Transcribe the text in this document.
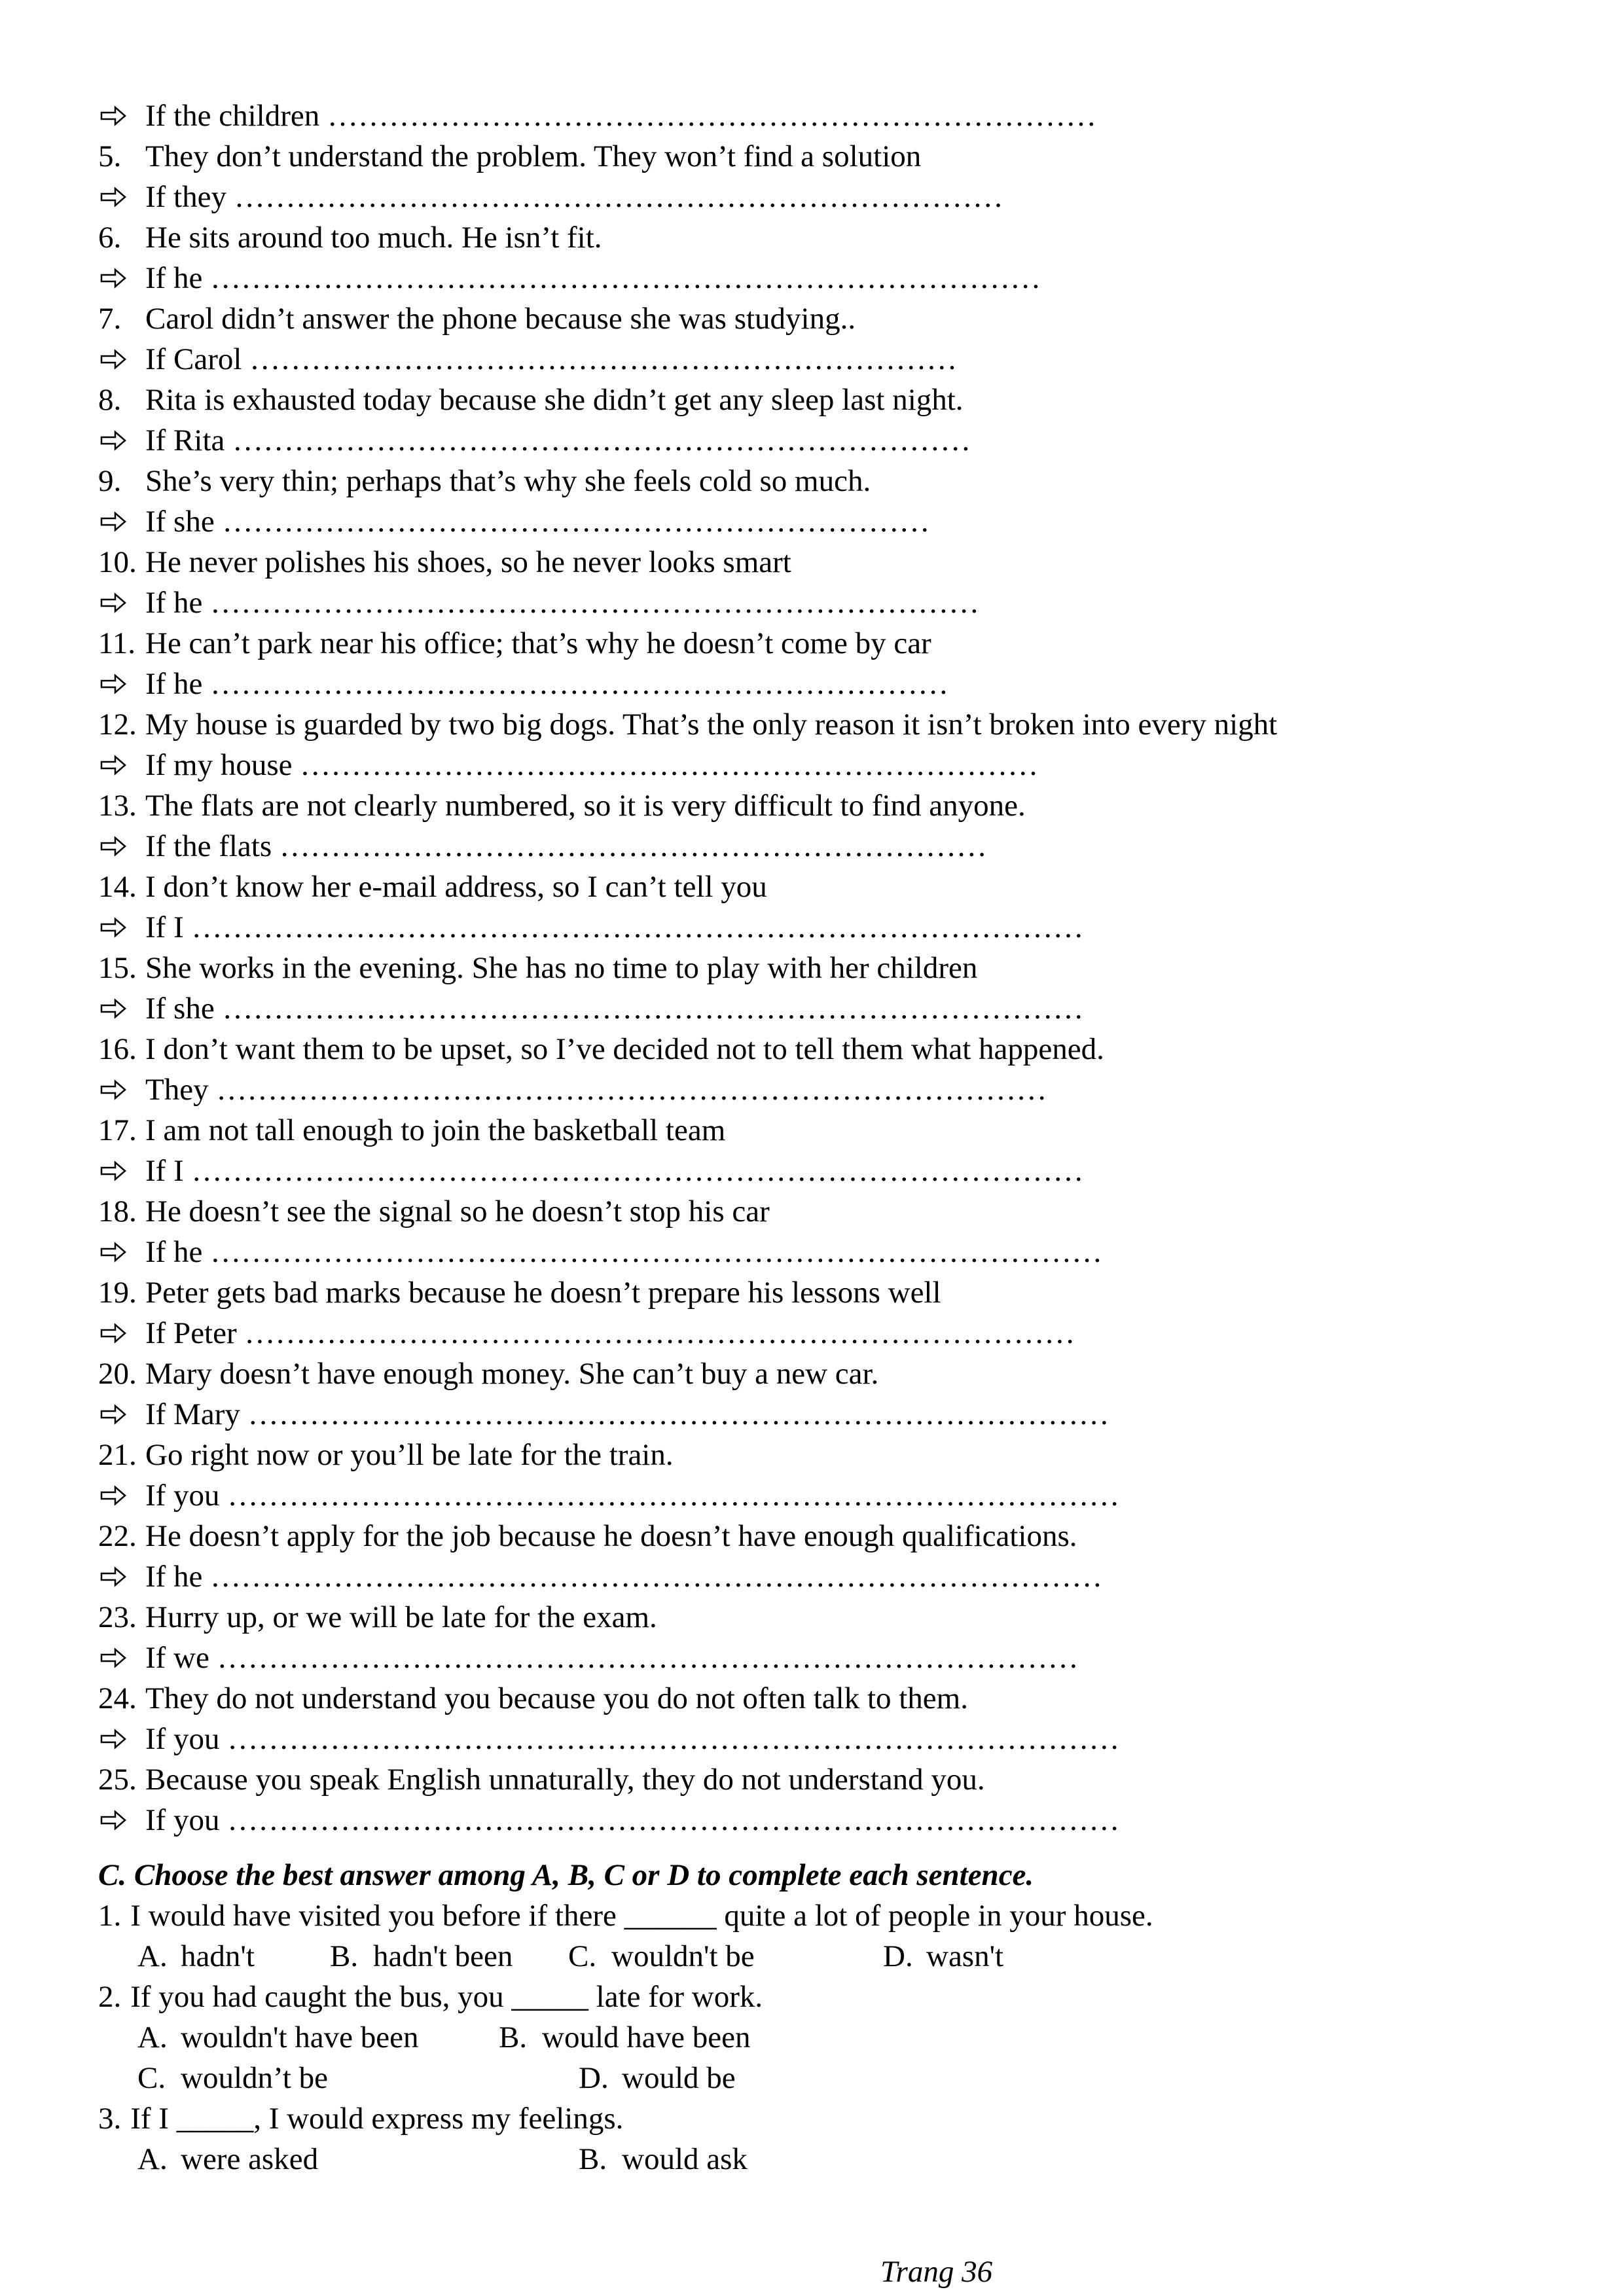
If the children …………………………………………………………………
5. They don’t understand the problem. They won’t find a solution
If they …………………………………………………………………
6. He sits around too much. He isn’t fit.
If he ………………………………………………………………………
7. Carol didn’t answer the phone because she was studying..
If Carol ……………………………………………………………
8. Rita is exhausted today because she didn’t get any sleep last night.
If Rita ………………………………………………………………
9. She’s very thin; perhaps that’s why she feels cold so much.
If she ……………………………………………………………
10. He never polishes his shoes, so he never looks smart
If he …………………………………………………………………
11. He can’t park near his office; that’s why he doesn’t come by car
If he ………………………………………………………………
12. My house is guarded by two big dogs. That’s the only reason it isn’t broken into every night
If my house ………………………………………………………………
13. The flats are not clearly numbered, so it is very difficult to find anyone.
If the flats ……………………………………………………………
14. I don’t know her e-mail address, so I can’t tell you
If I ……………………………………………………………………………
15. She works in the evening. She has no time to play with her children
If she …………………………………………………………………………
16. I don’t want them to be upset, so I’ve decided not to tell them what happened.
They ………………………………………………………………………
17. I am not tall enough to join the basketball team
If I ……………………………………………………………………………
18. He doesn’t see the signal so he doesn’t stop his car
If he ……………………………………………………………………………
19. Peter gets bad marks because he doesn’t prepare his lessons well
If Peter ………………………………………………………………………
20. Mary doesn’t have enough money. She can’t buy a new car.
If Mary …………………………………………………………………………
21. Go right now or you’ll be late for the train.
If you ……………………………………………………………………………
22. He doesn’t apply for the job because he doesn’t have enough qualifications.
If he ……………………………………………………………………………
23. Hurry up, or we will be late for the exam.
If we …………………………………………………………………………
24. They do not understand you because you do not often talk to them.
If you ……………………………………………………………………………
25. Because you speak English unnaturally, they do not understand you.
If you ……………………………………………………………………………
C. Choose the best answer among A, B, C or D to complete each sentence.
1. I would have visited you before if there ______ quite a lot of people in your house.
A. hadn't B. hadn't been C. wouldn't be	D. wasn't
2. If you had caught the bus, you _____ late for work.
A. wouldn't have been	B. would have been
C. wouldn’t be	D. would be
3. If I _____, I would express my feelings.
A. were asked	B. would ask
Trang 36
